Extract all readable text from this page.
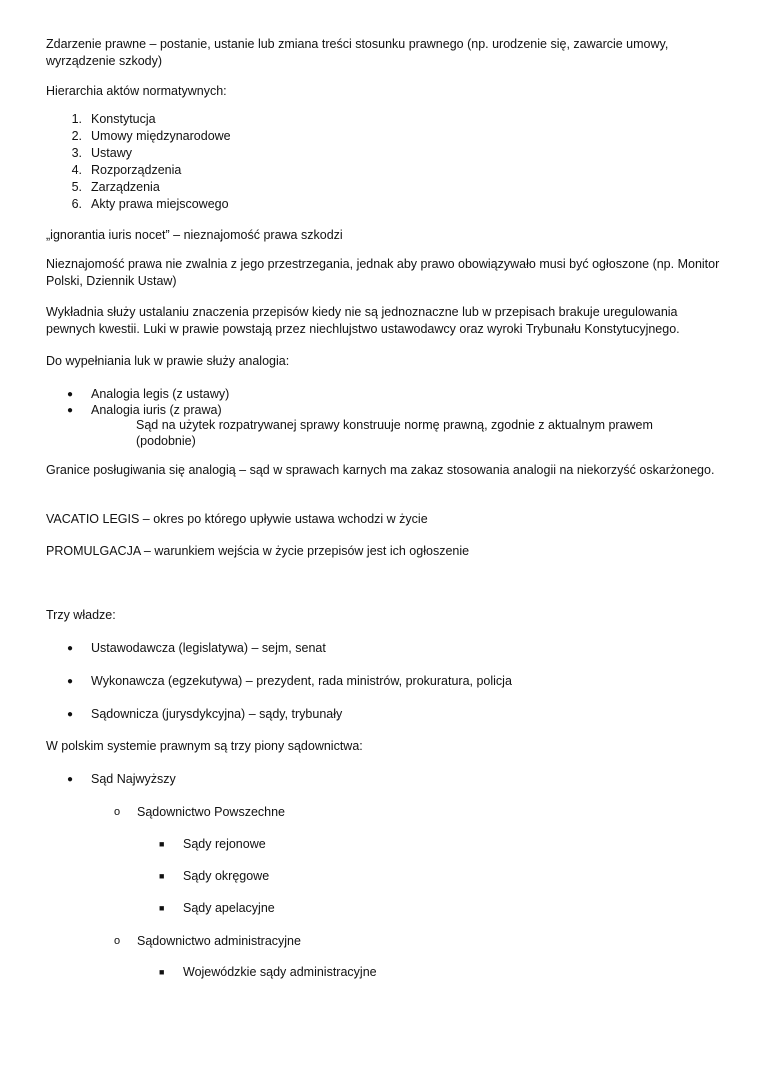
Zdarzenie prawne – postanie, ustanie lub zmiana treści stosunku prawnego (np. urodzenie się, zawarcie umowy, wyrządzenie szkody)

Hierarchia aktów normatywnych:

1. Konstytucja
2. Umowy międzynarodowe
3. Ustawy
4. Rozporządzenia
5. Zarządzenia
6. Akty prawa miejscowego

„ignorantia iuris nocet” – nieznajomość prawa szkodzi

Nieznajomość prawa nie zwalnia z jego przestrzegania, jednak aby prawo obowiązywało musi być ogłoszone (np. Monitor Polski, Dziennik Ustaw)

Wykładnia służy ustalaniu znaczenia przepisów kiedy nie są jednoznaczne lub w przepisach brakuje uregulowania pewnych kwestii. Luki w prawie powstają przez niechlujstwo ustawodawcy oraz wyroki Trybunału Konstytucyjnego.

Do wypełniania luk w prawie służy analogia:

● Analogia legis (z ustawy)
● Analogia iuris (z prawa)
Sąd na użytek rozpatrywanej sprawy konstruuje normę prawną, zgodnie z aktualnym prawem (podobnie)

Granice posługiwania się analogią – sąd w sprawach karnych ma zakaz stosowania analogii na niekorzyść oskarżonego.

VACATIO LEGIS – okres po którego upływie ustawa wchodzi w życie

PROMULGACJA – warunkiem wejścia w życie przepisów jest ich ogłoszenie

Trzy władze:

● Ustawodawcza (legislatywa) – sejm, senat
● Wykonawcza (egzekutywa) – prezydent, rada ministrów, prokuratura, policja
● Sądownicza (jurysdykcyjna) – sądy, trybunały

W polskim systemie prawnym są trzy piony sądownictwa:

● Sąd Najwyższy
o Sądownictwo Powszechne
■ Sądy rejonowe
■ Sądy okręgowe
■ Sądy apelacyjne
o Sądownictwo administracyjne
■ Wojewódzkie sądy administracyjne
